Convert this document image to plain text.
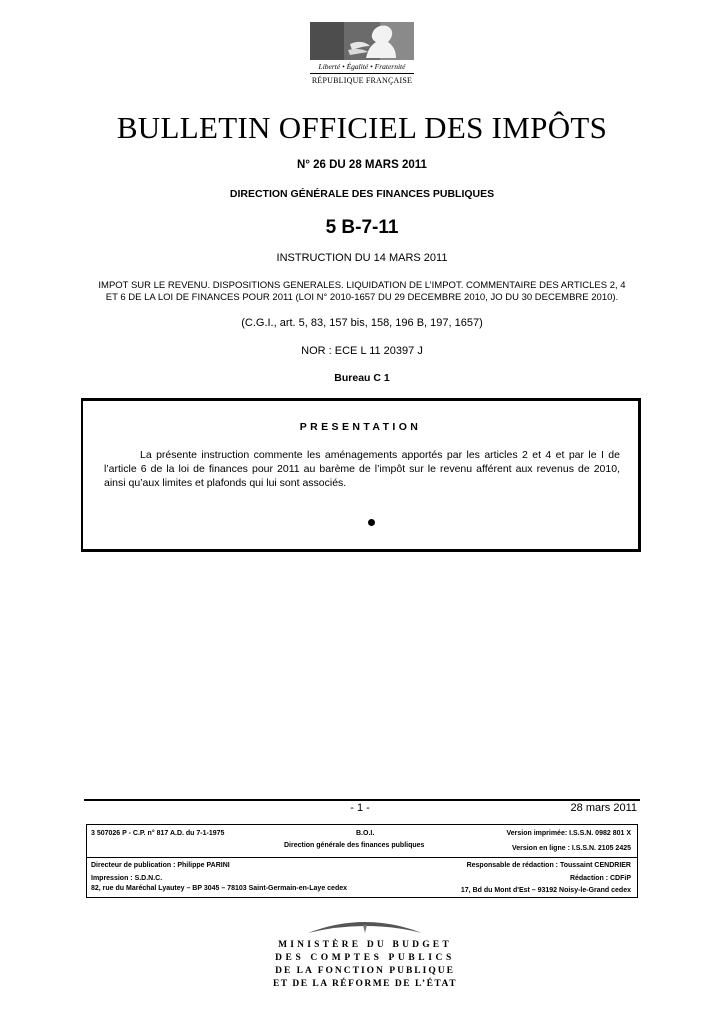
Liberté • Égalité • Fraternité
RÉPUBLIQUE FRANÇAISE
BULLETIN OFFICIEL DES IMPÔTS
N° 26 DU 28 MARS 2011
DIRECTION GÉNÉRALE DES FINANCES PUBLIQUES
5 B-7-11
INSTRUCTION DU 14 MARS 2011
IMPOT SUR LE REVENU. DISPOSITIONS GENERALES. LIQUIDATION DE L’IMPOT. COMMENTAIRE DES ARTICLES 2, 4
ET 6 DE LA LOI DE FINANCES POUR 2011 (LOI N° 2010-1657 DU 29 DECEMBRE 2010, JO DU 30 DECEMBRE 2010).
(C.G.I., art. 5, 83, 157 bis, 158, 196 B, 197, 1657)
NOR : ECE L 11 20397 J
Bureau C 1
PRESENTATION
La présente instruction commente les aménagements apportés par les articles 2 et 4 et par le I de l’article 6 de la loi de finances pour 2011 au barème de l’impôt sur le revenu afférent aux revenus de 2010, ainsi qu’aux limites et plafonds qui lui sont associés.
- 1 -	28 mars 2011
3 507026 P - C.P. n° 817 A.D. du 7-1-1975	B.O.I.
Direction générale des finances publiques
Version imprimée: I.S.S.N. 0982 801 X
Version en ligne : I.S.S.N. 2105 2425
Directeur de publication : Philippe PARINI
Impression : S.D.N.C.
82, rue du Maréchal Lyautey – BP 3045 – 78103 Saint-Germain-en-Laye cedex
Responsable de rédaction : Toussaint CENDRIER
Rédaction : CDFiP
17, Bd du Mont d'Est – 93192 Noisy-le-Grand cedex
MINISTÈRE DU BUDGET
DES COMPTES PUBLICS
DE LA FONCTION PUBLIQUE
ET DE LA RÉFORME DE L’ÉTAT
